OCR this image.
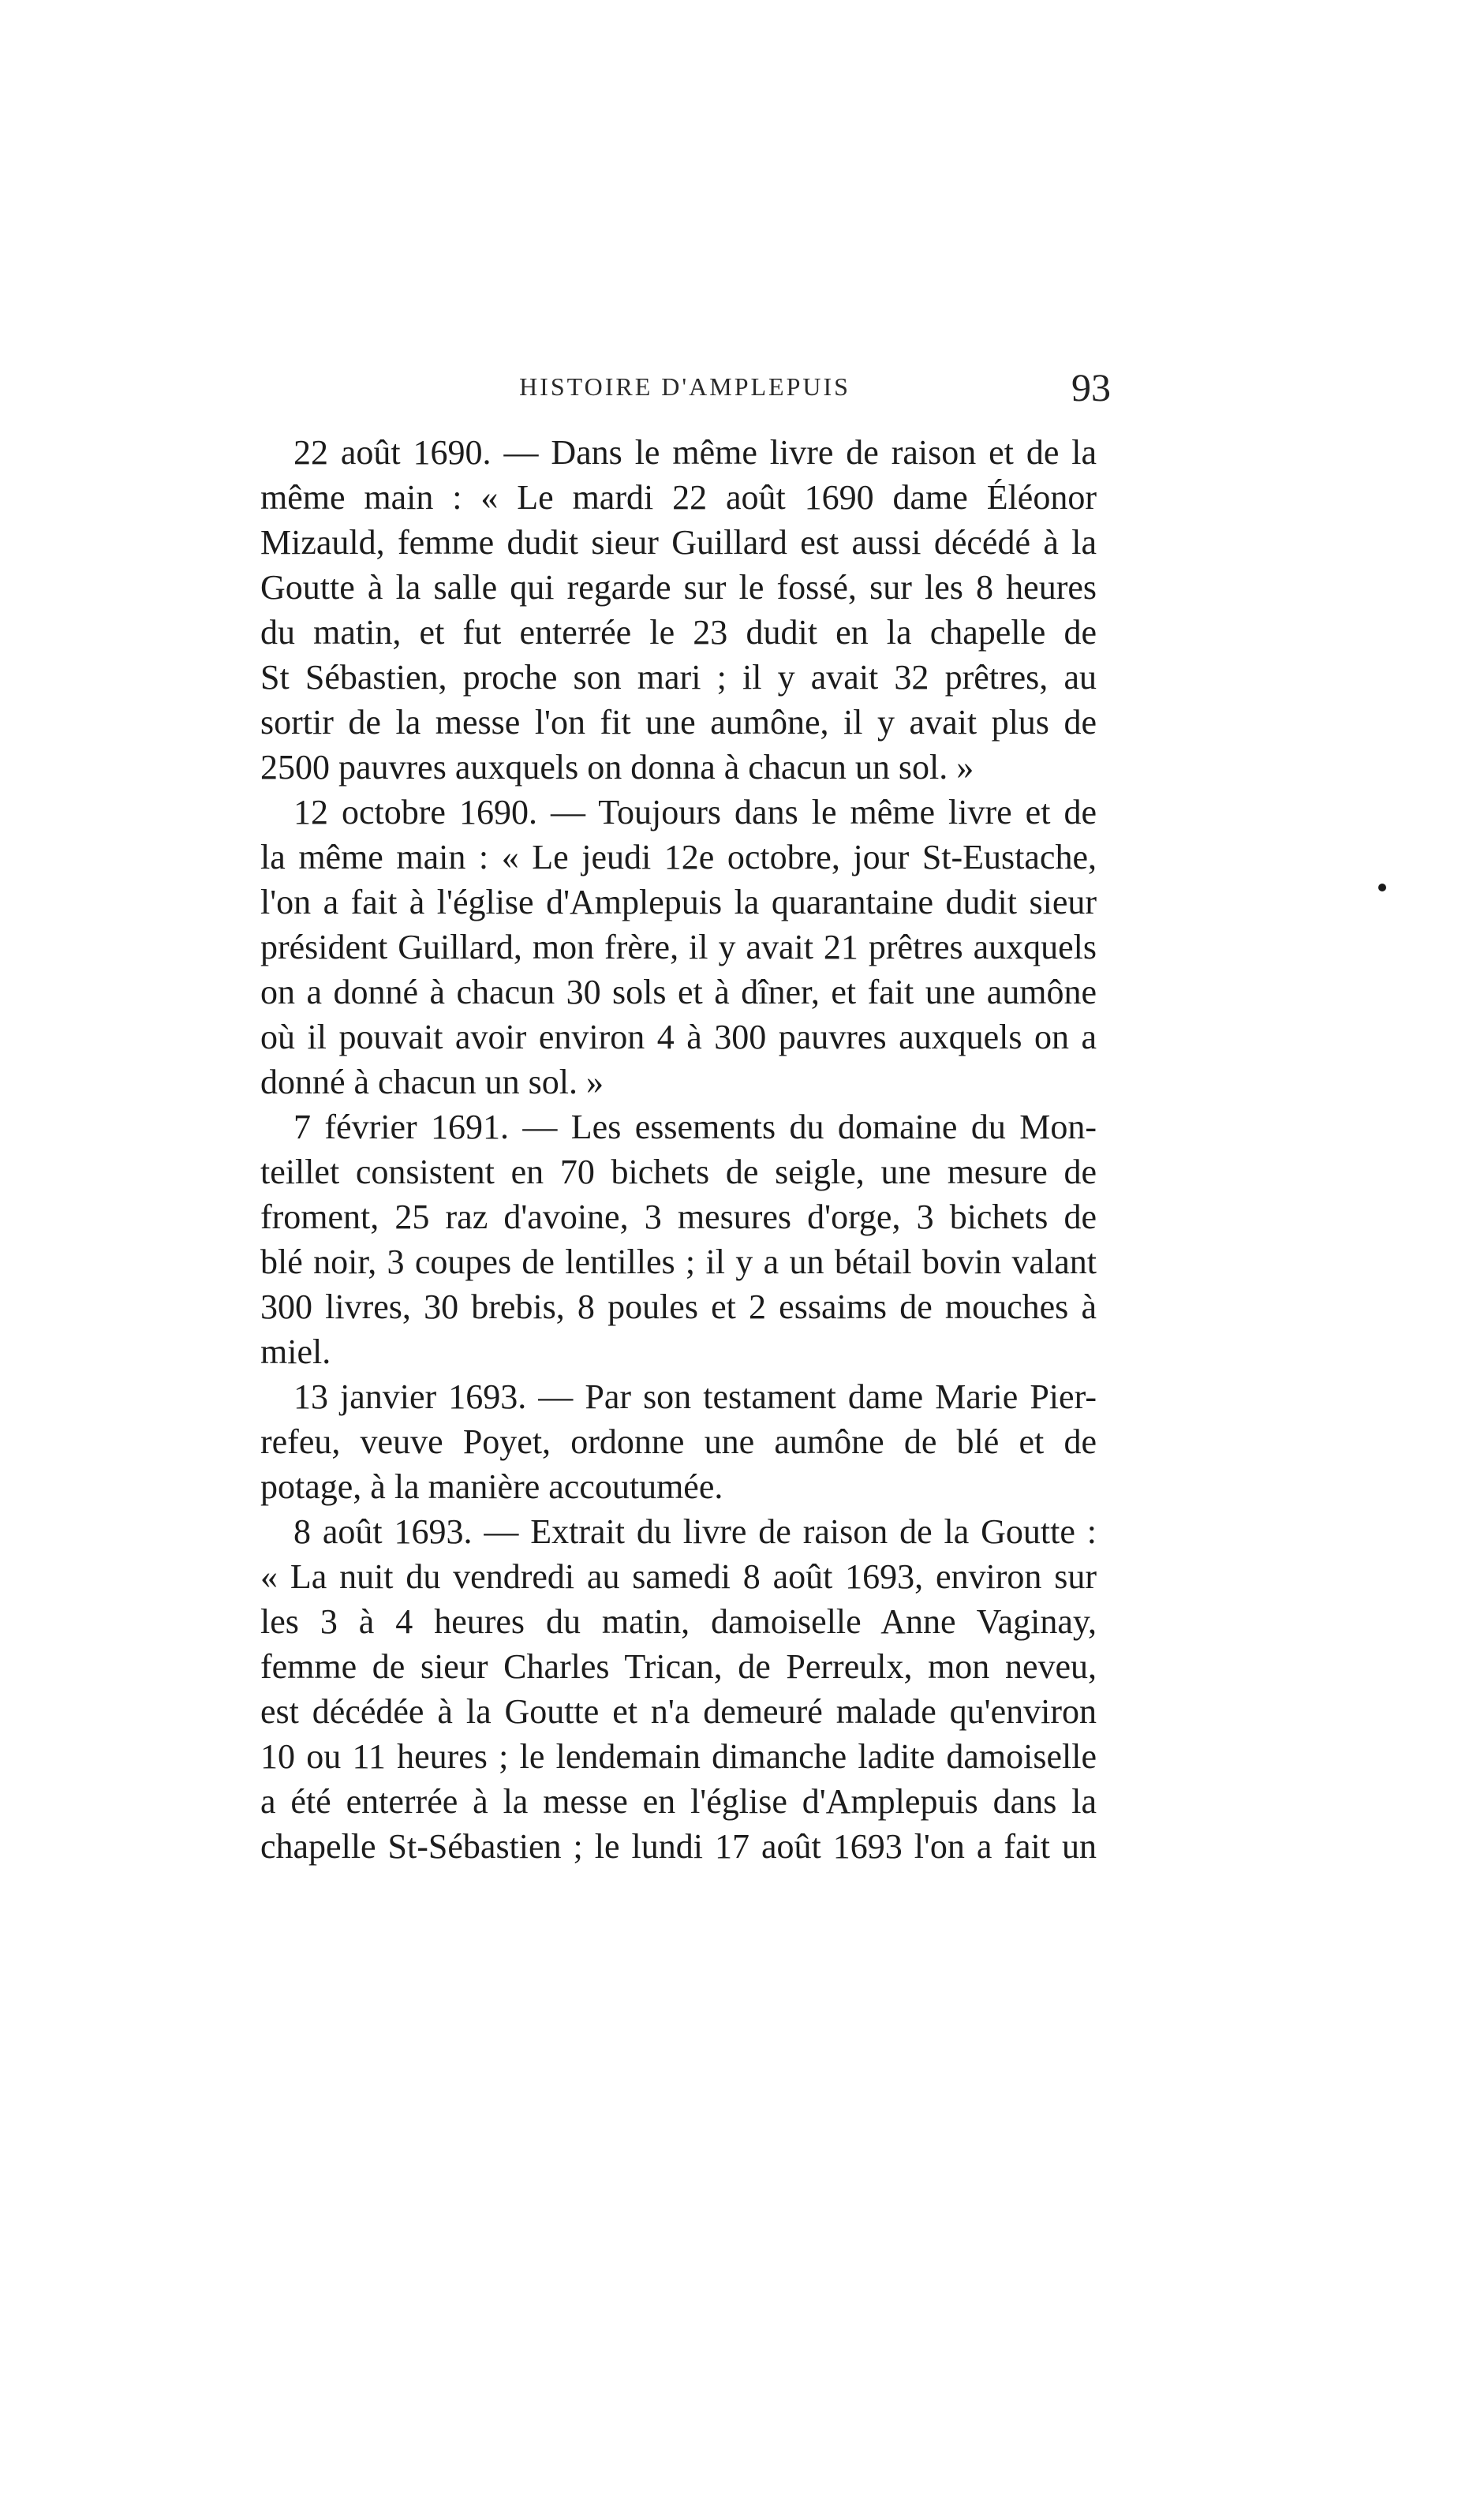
HISTOIRE D'AMPLEPUIS	93
22 août 1690. — Dans le même livre de raison et de la
même main : « Le mardi 22 août 1690 dame Éléonor
Mizauld, femme dudit sieur Guillard est aussi décédé à la
Goutte à la salle qui regarde sur le fossé, sur les 8 heures
du matin, et fut enterrée le 23 dudit en la chapelle de
St Sébastien, proche son mari ; il y avait 32 prêtres, au
sortir de la messe l'on fit une aumône, il y avait plus de
2500 pauvres auxquels on donna à chacun un sol. »
12 octobre 1690. — Toujours dans le même livre et de
la même main : « Le jeudi 12e octobre, jour St-Eustache,
l'on a fait à l'église d'Amplepuis la quarantaine dudit sieur
président Guillard, mon frère, il y avait 21 prêtres auxquels
on a donné à chacun 30 sols et à dîner, et fait une aumône
où il pouvait avoir environ 4 à 300 pauvres auxquels on a
donné à chacun un sol. »
7 février 1691. — Les essements du domaine du Mon-
teillet consistent en 70 bichets de seigle, une mesure de
froment, 25 raz d'avoine, 3 mesures d'orge, 3 bichets de
blé noir, 3 coupes de lentilles ; il y a un bétail bovin valant
300 livres, 30 brebis, 8 poules et 2 essaims de mouches à
miel.
13 janvier 1693. — Par son testament dame Marie Pier-
refeu, veuve Poyet, ordonne une aumône de blé et de
potage, à la manière accoutumée.
8 août 1693. — Extrait du livre de raison de la Goutte :
« La nuit du vendredi au samedi 8 août 1693, environ sur
les 3 à 4 heures du matin, damoiselle Anne Vaginay,
femme de sieur Charles Trican, de Perreulx, mon neveu,
est décédée à la Goutte et n'a demeuré malade qu'environ
10 ou 11 heures ; le lendemain dimanche ladite damoiselle
a été enterrée à la messe en l'église d'Amplepuis dans la
chapelle St-Sébastien ; le lundi 17 août 1693 l'on a fait un
